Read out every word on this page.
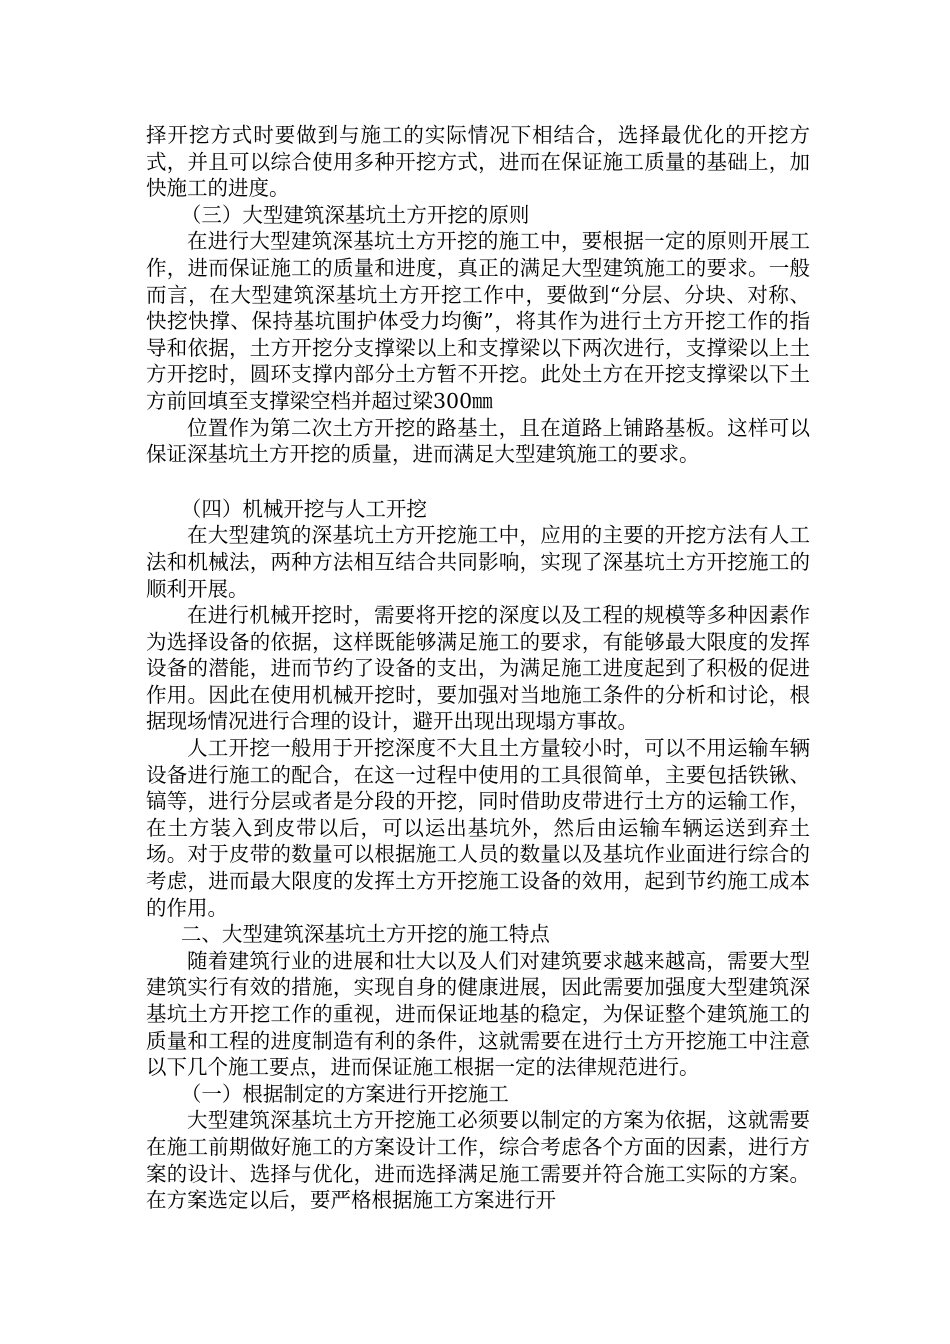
择开挖方式时要做到与施工的实际情况下相结合，选择最优化的开挖方式，并且可以综合使用多种开挖方式，进而在保证施工质量的基础上，加快施工的进度。

（三）大型建筑深基坑土方开挖的原则

在进行大型建筑深基坑土方开挖的施工中，要根据一定的原则开展工作，进而保证施工的质量和进度，真正的满足大型建筑施工的要求。一般而言，在大型建筑深基坑土方开挖工作中，要做到“分层、分块、对称、快挖快撑、保持基坑围护体受力均衡”，将其作为进行土方开挖工作的指导和依据，土方开挖分支撑梁以上和支撑梁以下两次进行，支撑梁以上土方开挖时，圆环支撑内部分土方暂不开挖。此处土方在开挖支撑梁以下土方前回填至支撑梁空档并超过梁300㎜

位置作为第二次土方开挖的路基土，且在道路上铺路基板。这样可以保证深基坑土方开挖的质量，进而满足大型建筑施工的要求。

（四）机械开挖与人工开挖

在大型建筑的深基坑土方开挖施工中，应用的主要的开挖方法有人工法和机械法，两种方法相互结合共同影响，实现了深基坑土方开挖施工的顺利开展。

在进行机械开挖时，需要将开挖的深度以及工程的规模等多种因素作为选择设备的依据，这样既能够满足施工的要求，有能够最大限度的发挥设备的潜能，进而节约了设备的支出，为满足施工进度起到了积极的促进作用。因此在使用机械开挖时，要加强对当地施工条件的分析和讨论，根据现场情况进行合理的设计，避开出现出现塌方事故。

人工开挖一般用于开挖深度不大且土方量较小时，可以不用运输车辆设备进行施工的配合，在这一过程中使用的工具很简单，主要包括铁锹、镐等，进行分层或者是分段的开挖，同时借助皮带进行土方的运输工作，在土方装入到皮带以后，可以运出基坑外，然后由运输车辆运送到弃土场。对于皮带的数量可以根据施工人员的数量以及基坑作业面进行综合的考虑，进而最大限度的发挥土方开挖施工设备的效用，起到节约施工成本的作用。

二、大型建筑深基坑土方开挖的施工特点

随着建筑行业的进展和壮大以及人们对建筑要求越来越高，需要大型建筑实行有效的措施，实现自身的健康进展，因此需要加强度大型建筑深基坑土方开挖工作的重视，进而保证地基的稳定，为保证整个建筑施工的质量和工程的进度制造有利的条件，这就需要在进行土方开挖施工中注意以下几个施工要点，进而保证施工根据一定的法律规范进行。

（一）根据制定的方案进行开挖施工

大型建筑深基坑土方开挖施工必须要以制定的方案为依据，这就需要在施工前期做好施工的方案设计工作，综合考虑各个方面的因素，进行方案的设计、选择与优化，进而选择满足施工需要并符合施工实际的方案。在方案选定以后，要严格根据施工方案进行开
